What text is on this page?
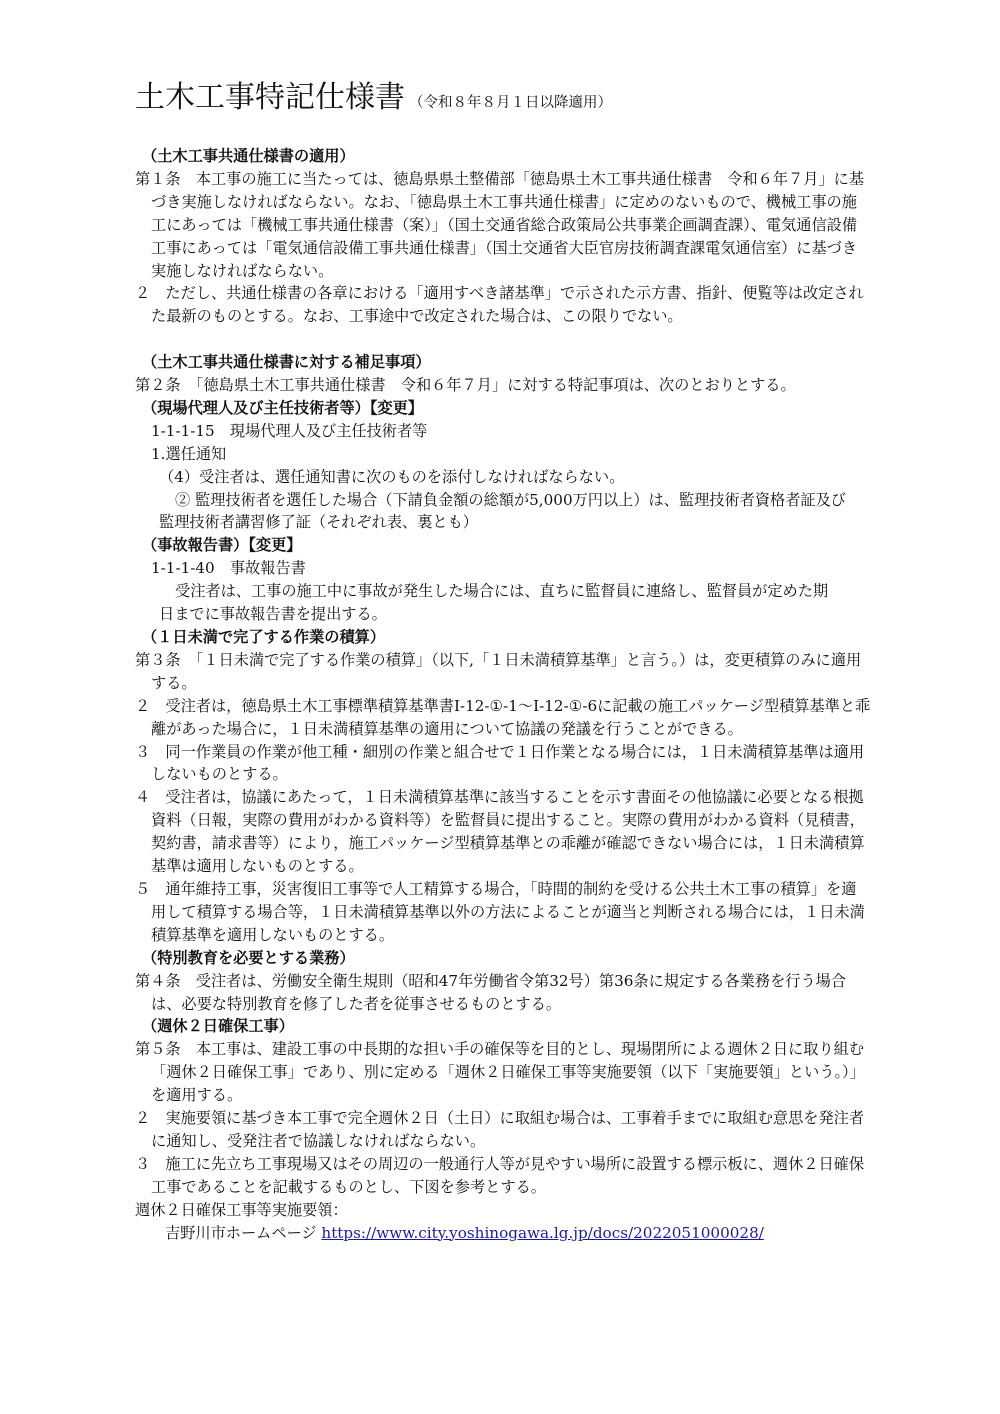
土木工事特記仕様書 （令和８年８月１日以降適用）

（土木工事共通仕様書の適用）

第１条　本工事の施工に当たっては、徳島県県土整備部「徳島県土木工事共通仕様書　令和６年７月」に基づき実施しなければならない。なお、「徳島県土木工事共通仕様書」に定めのないもので、機械工事の施工にあっては「機械工事共通仕様書（案）」（国土交通省総合政策局公共事業企画調査課）、電気通信設備工事にあっては「電気通信設備工事共通仕様書」（国土交通省大臣官房技術調査課電気通信室）に基づき実施しなければならない。

２　ただし、共通仕様書の各章における「適用すべき諸基準」で示された示方書、指針、便覧等は改定された最新のものとする。なお、工事途中で改定された場合は、この限りでない。

（土木工事共通仕様書に対する補足事項）

第２条　「徳島県土木工事共通仕様書　令和６年７月」に対する特記事項は、次のとおりとする。

（現場代理人及び主任技術者等）【変更】

1-1-1-15　現場代理人及び主任技術者等

1.選任通知

（4）受注者は、選任通知書に次のものを添付しなければならない。

② 監理技術者を選任した場合（下請負金額の総額が5,000万円以上）は、監理技術者資格者証及び

監理技術者講習修了証（それぞれ表、裏とも）

（事故報告書）【変更】

1-1-1-40　事故報告書

受注者は、工事の施工中に事故が発生した場合には、直ちに監督員に連絡し、監督員が定めた期

日までに事故報告書を提出する。

（１日未満で完了する作業の積算）

第３条　「１日未満で完了する作業の積算」（以下,「１日未満積算基準」と言う。）は，変更積算のみに適用する。

２　受注者は，徳島県土木工事標準積算基準書Ⅰ-12-①-1～Ⅰ-12-①-6に記載の施工パッケージ型積算基準と乖離があった場合に，１日未満積算基準の適用について協議の発議を行うことができる。

３　同一作業員の作業が他工種・細別の作業と組合せで１日作業となる場合には，１日未満積算基準は適用しないものとする。

４　受注者は，協議にあたって，１日未満積算基準に該当することを示す書面その他協議に必要となる根拠資料（日報，実際の費用がわかる資料等）を監督員に提出すること。実際の費用がわかる資料（見積書，契約書，請求書等）により，施工パッケージ型積算基準との乖離が確認できない場合には，１日未満積算基準は適用しないものとする。

５　通年維持工事，災害復旧工事等で人工精算する場合，「時間的制約を受ける公共土木工事の積算」を適用して積算する場合等，１日未満積算基準以外の方法によることが適当と判断される場合には，１日未満積算基準を適用しないものとする。

（特別教育を必要とする業務）

第４条　受注者は、労働安全衛生規則（昭和47年労働省令第32号）第36条に規定する各業務を行う場合は、必要な特別教育を修了した者を従事させるものとする。

（週休２日確保工事）

第５条　本工事は、建設工事の中長期的な担い手の確保等を目的とし、現場閉所による週休２日に取り組む「週休２日確保工事」であり、別に定める「週休２日確保工事等実施要領（以下「実施要領」という。）」を適用する。

２　実施要領に基づき本工事で完全週休２日（土日）に取組む場合は、工事着手までに取組む意思を発注者に通知し、受発注者で協議しなければならない。

３　施工に先立ち工事現場又はその周辺の一般通行人等が見やすい場所に設置する標示板に、週休２日確保工事であることを記載するものとし、下図を参考とする。

週休２日確保工事等実施要領：

吉野川市ホームページ https://www.city.yoshinogawa.lg.jp/docs/2022051000028/
